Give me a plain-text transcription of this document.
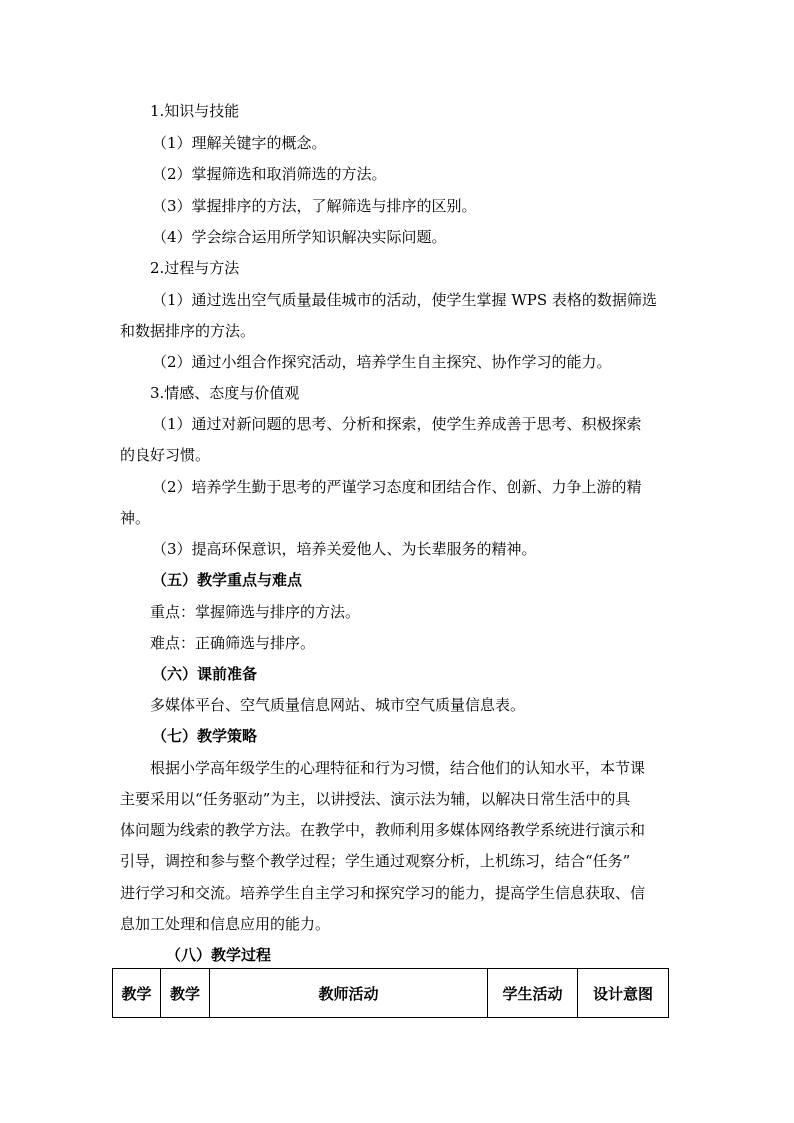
1.知识与技能
（1）理解关键字的概念。
（2）掌握筛选和取消筛选的方法。
（3）掌握排序的方法，了解筛选与排序的区别。
（4）学会综合运用所学知识解决实际问题。
2.过程与方法
（1）通过选出空气质量最佳城市的活动，使学生掌握 WPS 表格的数据筛选
和数据排序的方法。
（2）通过小组合作探究活动，培养学生自主探究、协作学习的能力。
3.情感、态度与价值观
（1）通过对新问题的思考、分析和探索，使学生养成善于思考、积极探索
的良好习惯。
（2）培养学生勤于思考的严谨学习态度和团结合作、创新、力争上游的精
神。
（3）提高环保意识，培养关爱他人、为长辈服务的精神。
（五）教学重点与难点
重点：掌握筛选与排序的方法。
难点：正确筛选与排序。
（六）课前准备
多媒体平台、空气质量信息网站、城市空气质量信息表。
（七）教学策略
根据小学高年级学生的心理特征和行为习惯，结合他们的认知水平，本节课
主要采用以“任务驱动”为主，以讲授法、演示法为辅，以解决日常生活中的具
体问题为线索的教学方法。在教学中，教师利用多媒体网络教学系统进行演示和
引导，调控和参与整个教学过程；学生通过观察分析，上机练习，结合“任务”
进行学习和交流。培养学生自主学习和探究学习的能力，提高学生信息获取、信
息加工处理和信息应用的能力。
（八）教学过程
教学	教学	教师活动	学生活动	设计意图
